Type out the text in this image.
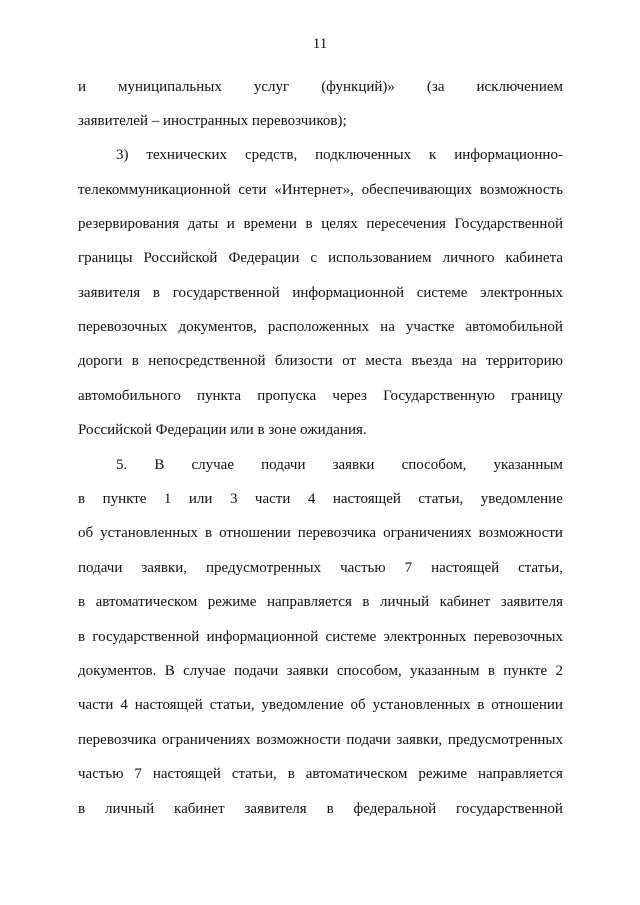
11
и муниципальных услуг (функций)» (за исключением
заявителей – иностранных перевозчиков);
3) технических средств, подключенных к информационно-
телекоммуникационной сети «Интернет», обеспечивающих возможность
резервирования даты и времени в целях пересечения Государственной
границы Российской Федерации с использованием личного кабинета
заявителя в государственной информационной системе электронных
перевозочных документов, расположенных на участке автомобильной
дороги в непосредственной близости от места въезда на территорию
автомобильного пункта пропуска через Государственную границу
Российской Федерации или в зоне ожидания.
5. В случае подачи заявки способом, указанным
в пункте 1 или 3 части 4 настоящей статьи, уведомление
об установленных в отношении перевозчика ограничениях возможности
подачи заявки, предусмотренных частью 7 настоящей статьи,
в автоматическом режиме направляется в личный кабинет заявителя
в государственной информационной системе электронных перевозочных
документов. В случае подачи заявки способом, указанным в пункте 2
части 4 настоящей статьи, уведомление об установленных в отношении
перевозчика ограничениях возможности подачи заявки, предусмотренных
частью 7 настоящей статьи, в автоматическом режиме направляется
в личный кабинет заявителя в федеральной государственной
